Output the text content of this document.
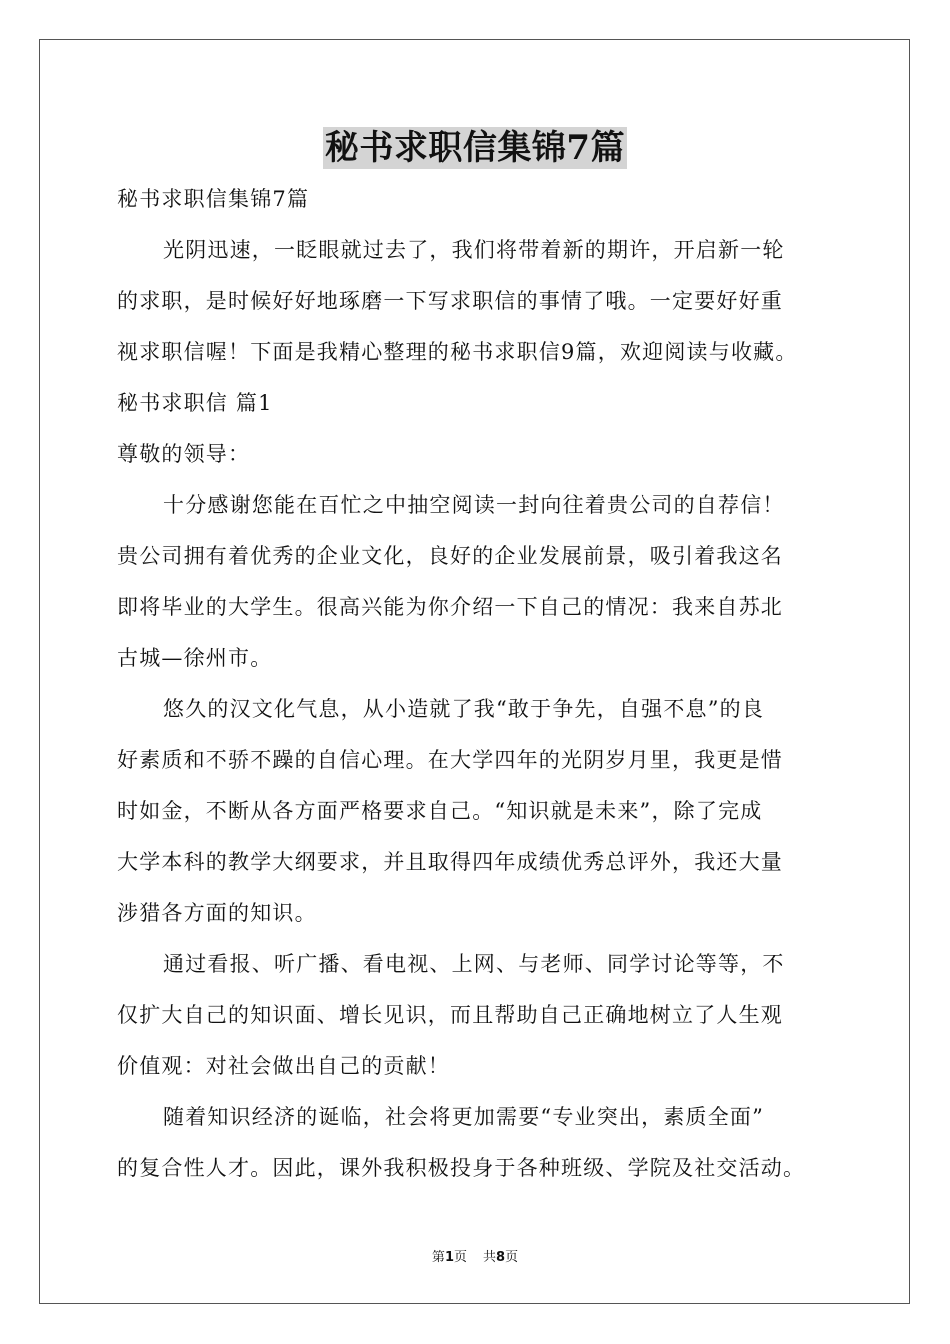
秘书求职信集锦7篇
秘书求职信集锦7篇
光阴迅速，一眨眼就过去了，我们将带着新的期许，开启新一轮
的求职，是时候好好地琢磨一下写求职信的事情了哦。一定要好好重
视求职信喔！下面是我精心整理的秘书求职信9篇，欢迎阅读与收藏。
秘书求职信 篇1
尊敬的领导：
十分感谢您能在百忙之中抽空阅读一封向往着贵公司的自荐信！
贵公司拥有着优秀的企业文化，良好的企业发展前景，吸引着我这名
即将毕业的大学生。很高兴能为你介绍一下自己的情况：我来自苏北
古城—徐州市。
悠久的汉文化气息，从小造就了我“敢于争先，自强不息”的良
好素质和不骄不躁的自信心理。在大学四年的光阴岁月里，我更是惜
时如金，不断从各方面严格要求自己。“知识就是未来”，除了完成
大学本科的教学大纲要求，并且取得四年成绩优秀总评外，我还大量
涉猎各方面的知识。
通过看报、听广播、看电视、上网、与老师、同学讨论等等，不
仅扩大自己的知识面、增长见识，而且帮助自己正确地树立了人生观
价值观：对社会做出自己的贡献！
随着知识经济的诞临，社会将更加需要“专业突出，素质全面”
的复合性人才。因此，课外我积极投身于各种班级、学院及社交活动。
第1页 共8页
